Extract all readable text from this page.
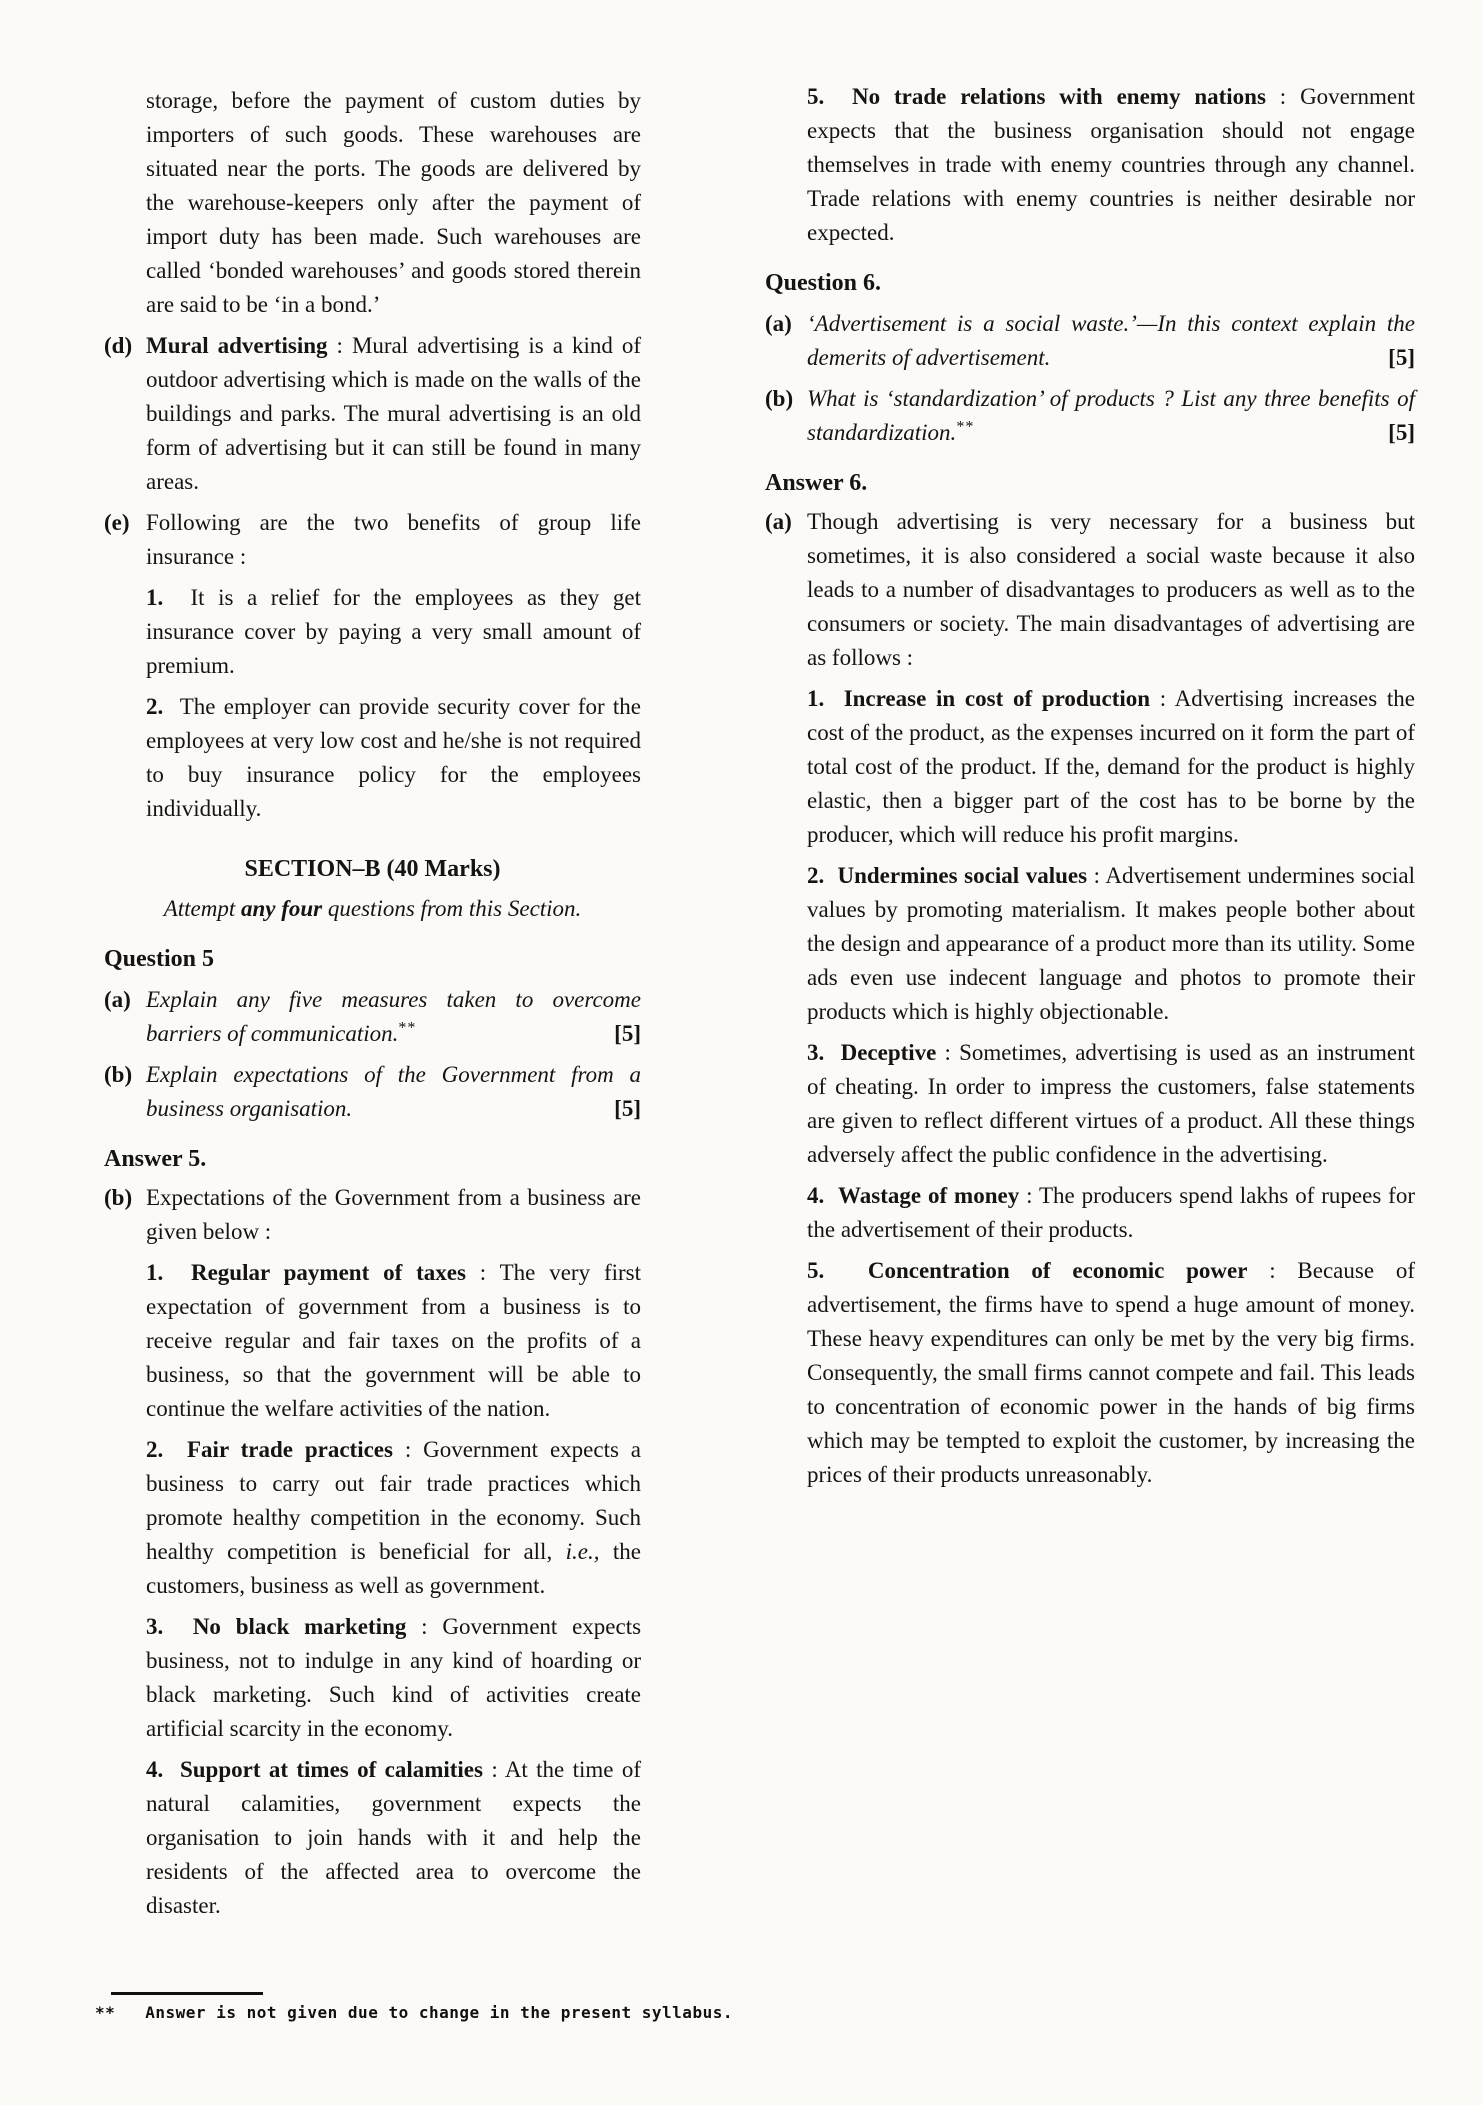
storage, before the payment of custom duties by importers of such goods. These warehouses are situated near the ports. The goods are delivered by the warehouse-keepers only after the payment of import duty has been made. Such warehouses are called ‘bonded warehouses’ and goods stored therein are said to be ‘in a bond.’

(d) Mural advertising : Mural advertising is a kind of outdoor advertising which is made on the walls of the buildings and parks. The mural advertising is an old form of advertising but it can still be found in many areas.

(e) Following are the two benefits of group life insurance :

1. It is a relief for the employees as they get insurance cover by paying a very small amount of premium.

2. The employer can provide security cover for the employees at very low cost and he/she is not required to buy insurance policy for the employees individually.

SECTION–B (40 Marks)

Attempt any four questions from this Section.

Question 5

(a) Explain any five measures taken to overcome barriers of communication.**	[5]
(b) Explain expectations of the Government from a business organisation.	[5]

Answer 5.

(b) Expectations of the Government from a business are given below :

1. Regular payment of taxes : The very first expectation of government from a business is to receive regular and fair taxes on the profits of a business, so that the government will be able to continue the welfare activities of the nation.

2. Fair trade practices : Government expects a business to carry out fair trade practices which promote healthy competition in the economy. Such healthy competition is beneficial for all, i.e., the customers, business as well as government.

3. No black marketing : Government expects business, not to indulge in any kind of hoarding or black marketing. Such kind of activities create artificial scarcity in the economy.

4. Support at times of calamities : At the time of natural calamities, government expects the organisation to join hands with it and help the residents of the affected area to overcome the disaster.

5. No trade relations with enemy nations : Government expects that the business organisation should not engage themselves in trade with enemy countries through any channel. Trade relations with enemy countries is neither desirable nor expected.

Question 6.

(a) ‘Advertisement is a social waste.’—In this context explain the demerits of advertisement.	[5]
(b) What is ‘standardization’ of products ? List any three benefits of standardization.**	[5]

Answer 6.

(a) Though advertising is very necessary for a business but sometimes, it is also considered a social waste because it also leads to a number of disadvantages to producers as well as to the consumers or society. The main disadvantages of advertising are as follows :

1. Increase in cost of production : Advertising increases the cost of the product, as the expenses incurred on it form the part of total cost of the product. If the, demand for the product is highly elastic, then a bigger part of the cost has to be borne by the producer, which will reduce his profit margins.

2. Undermines social values : Advertisement undermines social values by promoting materialism. It makes people bother about the design and appearance of a product more than its utility. Some ads even use indecent language and photos to promote their products which is highly objectionable.

3. Deceptive : Sometimes, advertising is used as an instrument of cheating. In order to impress the customers, false statements are given to reflect different virtues of a product. All these things adversely affect the public confidence in the advertising.

4. Wastage of money : The producers spend lakhs of rupees for the advertisement of their products.

5. Concentration of economic power : Because of advertisement, the firms have to spend a huge amount of money. These heavy expenditures can only be met by the very big firms. Consequently, the small firms cannot compete and fail. This leads to concentration of economic power in the hands of big firms which may be tempted to exploit the customer, by increasing the prices of their products unreasonably.

** Answer is not given due to change in the present syllabus.
